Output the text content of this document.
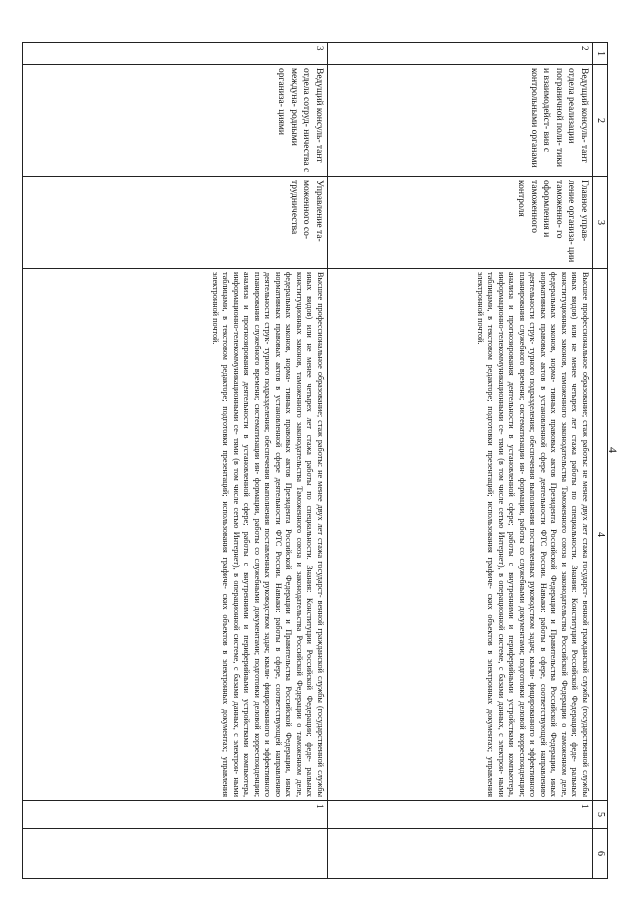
4
1	2	3	4	5	6
2	Ведущий консуль- тант отдела реализации пограничной поли- тики и взаимодейст- вия с контрольными органами	Главное управ- ление организа- ции таможенно- го оформления и таможенного контроля	Высшее профессиональное образование; стаж работы: не менее двух лет стажа государст- венной гражданской службы (государственной службы иных видов) или не менее четырех лет стажа работы по специальности. Знания: Конституции Российской Федерации; феде- ральных конституционных законов, таможенного законодательства Таможенного союза и законодательства Российской Федерации о таможенном деле, федеральных законов, норма- тивных правовых актов Президента Российской Федерации и Правительства Российской Федерации, иных нормативных правовых актов в установленной сфере деятельности ФТС России. Навыки: работы в сфере, соответствующей направлению деятельности струк- турного подразделения; обеспечения выполнения поставленных руководством задач; квали- фицированного и эффективного планирования служебного времени; систематизации ин- формации, работы со служебными документами; подготовки деловой корреспонденции; анализа и прогнозирования деятельности в установленной сфере; работы с внутренними и периферийными устройствами компьютера, информационно-телекоммуникационными се- тями (в том числе сетью Интернет), в операционной системе, с базами данных, с электрон- ными таблицами, в текстовом редакторе; подготовки презентаций; использования графиче- ских объектов в электронных документах; управления электронной почтой.	1	
3	Ведущий консуль- тант отдела сотруд- ничества с междуна- родными организа- циями	Управление та- моженного со- трудничества	Высшее профессиональное образование; стаж работы: не менее двух лет стажа государст- венной гражданской службы (государственной службы иных видов) или не менее четырех лет стажа работы по специальности. Знания: Конституции Российской Федерации; феде- ральных конституционных законов, таможенного законодательства Таможенного союза и законодательства Российской Федерации о таможенном деле, федеральных законов, норма- тивных правовых актов Президента Российской Федерации и Правительства Российской Федерации, иных нормативных правовых актов в установленной сфере деятельности ФТС России. Навыки: работы в сфере, соответствующей направлению деятельности струк- турного подразделения; обеспечения выполнения поставленных руководством задач; квали- фицированного и эффективного планирования служебного времени; систематизации ин- формации, работы со служебными документами; подготовки деловой корреспонденции; анализа и прогнозирования деятельности в установленной сфере; работы с внутренними и периферийными устройствами компьютера, информационно-телекоммуникационными се- тями (в том числе сетью Интернет), в операционной системе, с базами данных, с электрон- ными таблицами, в текстовом редакторе; подготовки презентаций; использования графиче- ских объектов в электронных документах; управления электронной почтой.	1	
